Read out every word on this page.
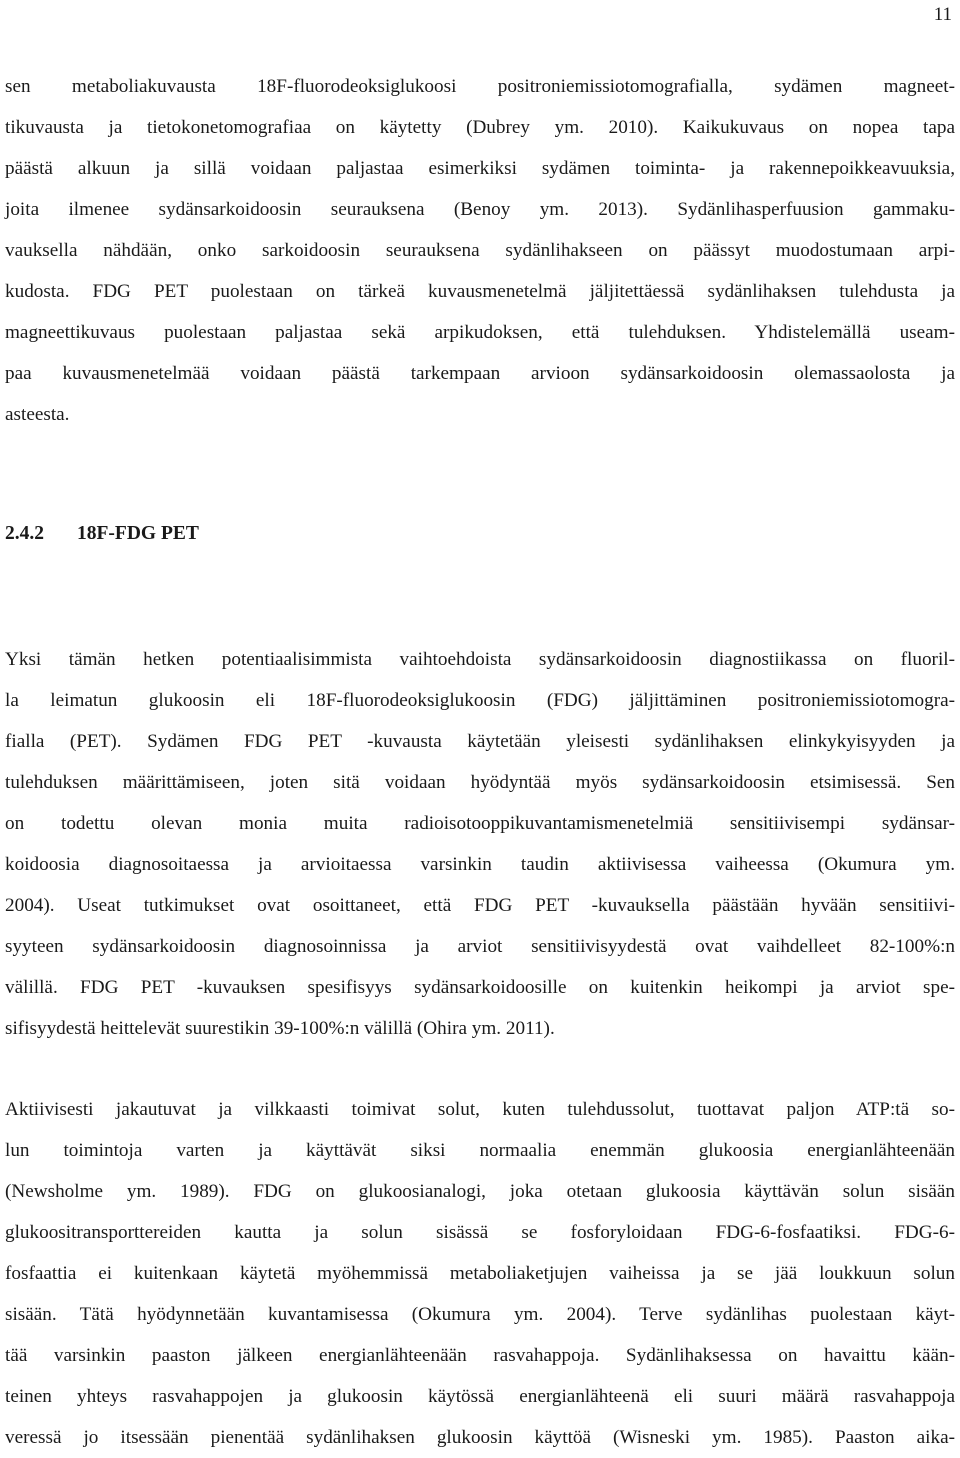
11
sen metaboliakuvausta 18F-fluorodeoksiglukoosi positroniemissiotomografialla, sydämen magneet-
tikuvausta ja tietokonetomografiaa on käytetty (Dubrey ym. 2010). Kaikukuvaus on nopea tapa
päästä alkuun ja sillä voidaan paljastaa esimerkiksi sydämen toiminta- ja rakennepoikkeavuuksia,
joita ilmenee sydänsarkoidoosin seurauksena (Benoy ym. 2013). Sydänlihasperfuusion gammaku-
vauksella nähdään, onko sarkoidoosin seurauksena sydänlihakseen on päässyt muodostumaan arpi-
kudosta. FDG PET puolestaan on tärkeä kuvausmenetelmä jäljitettäessä sydänlihaksen tulehdusta ja
magneettikuvaus puolestaan paljastaa sekä arpikudoksen, että tulehduksen. Yhdistelemällä useam-
paa kuvausmenetelmää voidaan päästä tarkempaan arvioon sydänsarkoidoosin olemassaolosta ja
asteesta.
2.4.2 18F-FDG PET
Yksi tämän hetken potentiaalisimmista vaihtoehdoista sydänsarkoidoosin diagnostiikassa on fluoril-
la leimatun glukoosin eli 18F-fluorodeoksiglukoosin (FDG) jäljittäminen positroniemissiotomogra-
fialla (PET). Sydämen FDG PET -kuvausta käytetään yleisesti sydänlihaksen elinkykyisyyden ja
tulehduksen määrittämiseen, joten sitä voidaan hyödyntää myös sydänsarkoidoosin etsimisessä. Sen
on todettu olevan monia muita radioisotooppikuvantamismenetelmiä sensitiivisempi sydänsar-
koidoosia diagnosoitaessa ja arvioitaessa varsinkin taudin aktiivisessa vaiheessa (Okumura ym.
2004). Useat tutkimukset ovat osoittaneet, että FDG PET -kuvauksella päästään hyvään sensitiivi-
syyteen sydänsarkoidoosin diagnosoinnissa ja arviot sensitiivisyydestä ovat vaihdelleet 82-100%:n
välillä. FDG PET -kuvauksen spesifisyys sydänsarkoidoosille on kuitenkin heikompi ja arviot spe-
sifisyydestä heittelevät suurestikin 39-100%:n välillä (Ohira ym. 2011).
Aktiivisesti jakautuvat ja vilkkaasti toimivat solut, kuten tulehdussolut, tuottavat paljon ATP:tä so-
lun toimintoja varten ja käyttävät siksi normaalia enemmän glukoosia energianlähteenään
(Newsholme ym. 1989). FDG on glukoosianalogi, joka otetaan glukoosia käyttävän solun sisään
glukoositransporttereiden kautta ja solun sisässä se fosforyloidaan FDG-6-fosfaatiksi. FDG-6-
fosfaattia ei kuitenkaan käytetä myöhemmissä metaboliaketjujen vaiheissa ja se jää loukkuun solun
sisään. Tätä hyödynnetään kuvantamisessa (Okumura ym. 2004). Terve sydänlihas puolestaan käyt-
tää varsinkin paaston jälkeen energianlähteenään rasvahappoja. Sydänlihaksessa on havaittu kään-
teinen yhteys rasvahappojen ja glukoosin käytössä energianlähteenä eli suuri määrä rasvahappoja
veressä jo itsessään pienentää sydänlihaksen glukoosin käyttöä (Wisneski ym. 1985). Paaston aika-
